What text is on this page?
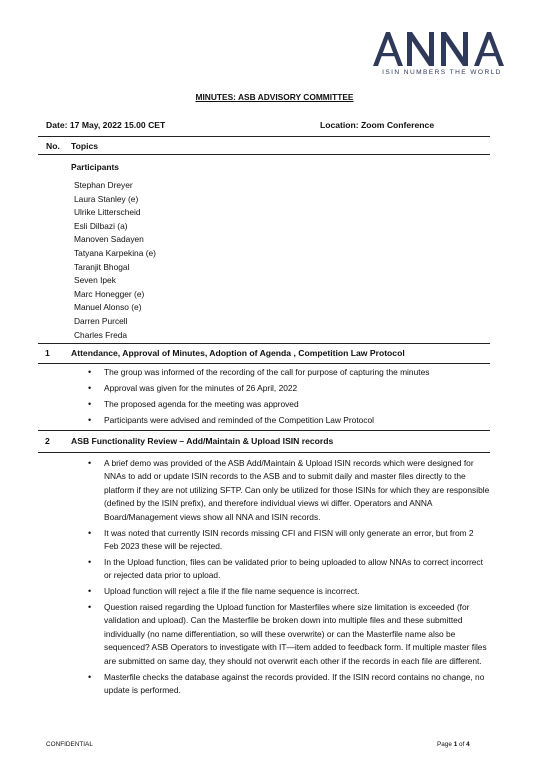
ISIN NUMBERS THE WORLD
MINUTES: ASB ADVISORY COMMITTEE
Date: 17 May, 2022 15.00 CET	Location: Zoom Conference
No. Topics
Participants
Stephan Dreyer
Laura Stanley (e)
Ulrike Litterscheid
Esli Dilbazi (a)
Manoven Sadayen
Tatyana Karpekina (e)
Taranjit Bhogal
Seven Ipek
Marc Honegger (e)
Manuel Alonso (e)
Darren Purcell
Charles Freda
1 Attendance, Approval of Minutes, Adoption of Agenda , Competition Law Protocol
• The group was informed of the recording of the call for purpose of capturing the minutes
• Approval was given for the minutes of 26 April, 2022
• The proposed agenda for the meeting was approved
• Participants were advised and reminded of the Competition Law Protocol
2 ASB Functionality Review – Add/Maintain & Upload ISIN records
• A brief demo was provided of the ASB Add/Maintain & Upload ISIN records which were designed for NNAs to add or update ISIN records to the ASB and to submit daily and master files directly to the platform if they are not utilizing SFTP. Can only be utilized for those ISINs for which they are responsible (defined by the ISIN prefix), and therefore individual views wi differ. Operators and ANNA Board/Management views show all NNA and ISIN records.
• It was noted that currently ISIN records missing CFI and FISN will only generate an error, but from 2 Feb 2023 these will be rejected.
• In the Upload function, files can be validated prior to being uploaded to allow NNAs to correct incorrect or rejected data prior to upload.
• Upload function will reject a file if the file name sequence is incorrect.
• Question raised regarding the Upload function for Masterfiles where size limitation is exceeded (for validation and upload). Can the Masterfile be broken down into multiple files and these submitted individually (no name differentiation, so will these overwrite) or can the Masterfile name also be sequenced? ASB Operators to investigate with IT—item added to feedback form. If multiple master files are submitted on same day, they should not overwrit each other if the records in each file are different.
• Masterfile checks the database against the records provided. If the ISIN record contains no change, no update is performed.
CONFIDENTIAL	Page 1 of 4
